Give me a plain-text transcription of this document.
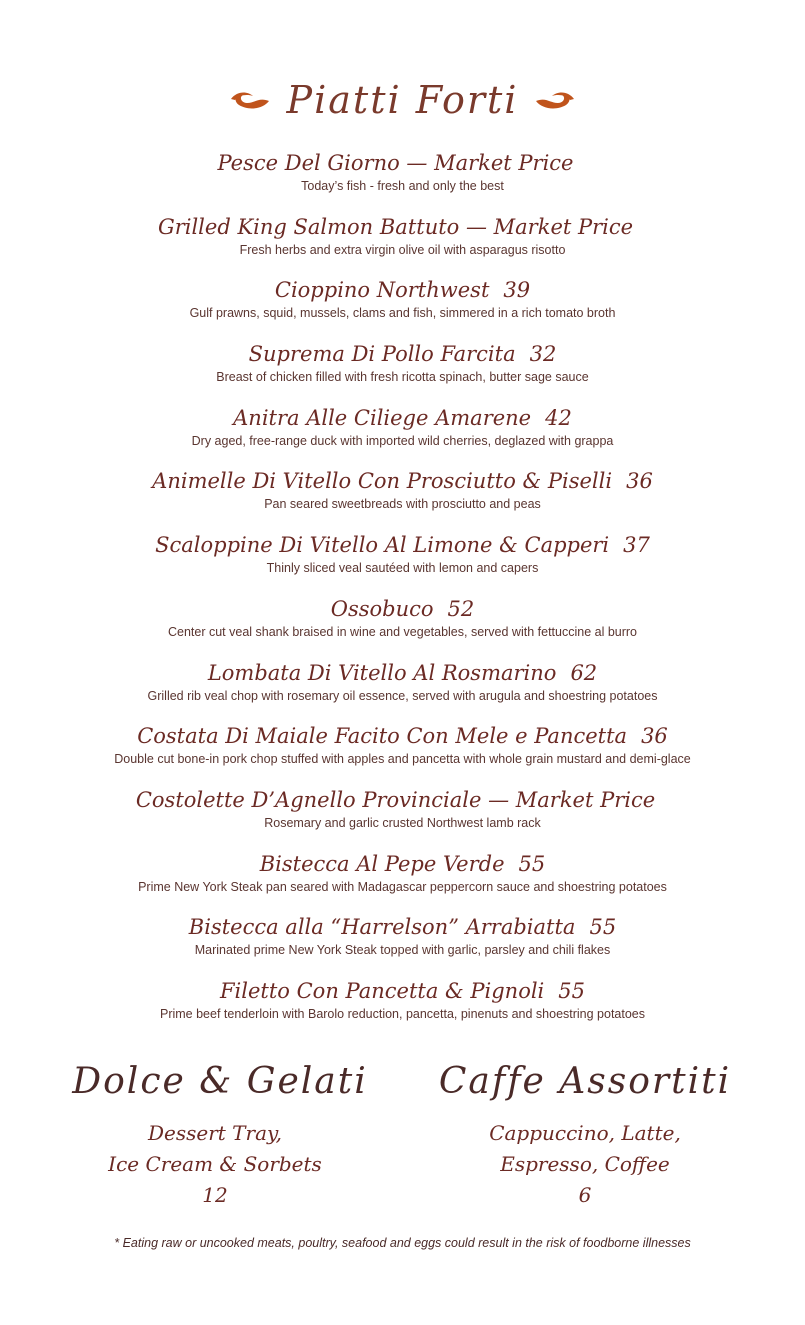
Piatti Forti
Pesce Del Giorno — Market Price
Today’s fish - fresh and only the best
Grilled King Salmon Battuto — Market Price
Fresh herbs and extra virgin olive oil with asparagus risotto
Cioppino Northwest 39
Gulf prawns, squid, mussels, clams and fish, simmered in a rich tomato broth
Suprema Di Pollo Farcita 32
Breast of chicken filled with fresh ricotta spinach, butter sage sauce
Anitra Alle Ciliege Amarene 42
Dry aged, free-range duck with imported wild cherries, deglazed with grappa
Animelle Di Vitello Con Prosciutto & Piselli 36
Pan seared sweetbreads with prosciutto and peas
Scaloppine Di Vitello Al Limone & Capperi 37
Thinly sliced veal sautéed with lemon and capers
Ossobuco 52
Center cut veal shank braised in wine and vegetables, served with fettuccine al burro
Lombata Di Vitello Al Rosmarino 62
Grilled rib veal chop with rosemary oil essence, served with arugula and shoestring potatoes
Costata Di Maiale Facito Con Mele e Pancetta 36
Double cut bone-in pork chop stuffed with apples and pancetta with whole grain mustard and demi-glace
Costolette D’Agnello Provinciale — Market Price
Rosemary and garlic crusted Northwest lamb rack
Bistecca Al Pepe Verde 55
Prime New York Steak pan seared with Madagascar peppercorn sauce and shoestring potatoes
Bistecca alla “Harrelson” Arrabiatta 55
Marinated prime New York Steak topped with garlic, parsley and chili flakes
Filetto Con Pancetta & Pignoli 55
Prime beef tenderloin with Barolo reduction, pancetta, pinenuts and shoestring potatoes
Dolce & Gelati
Dessert Tray,
Ice Cream & Sorbets
12
Caffe Assortiti
Cappuccino, Latte,
Espresso, Coffee
6
* Eating raw or uncooked meats, poultry, seafood and eggs could result in the risk of foodborne illnesses
